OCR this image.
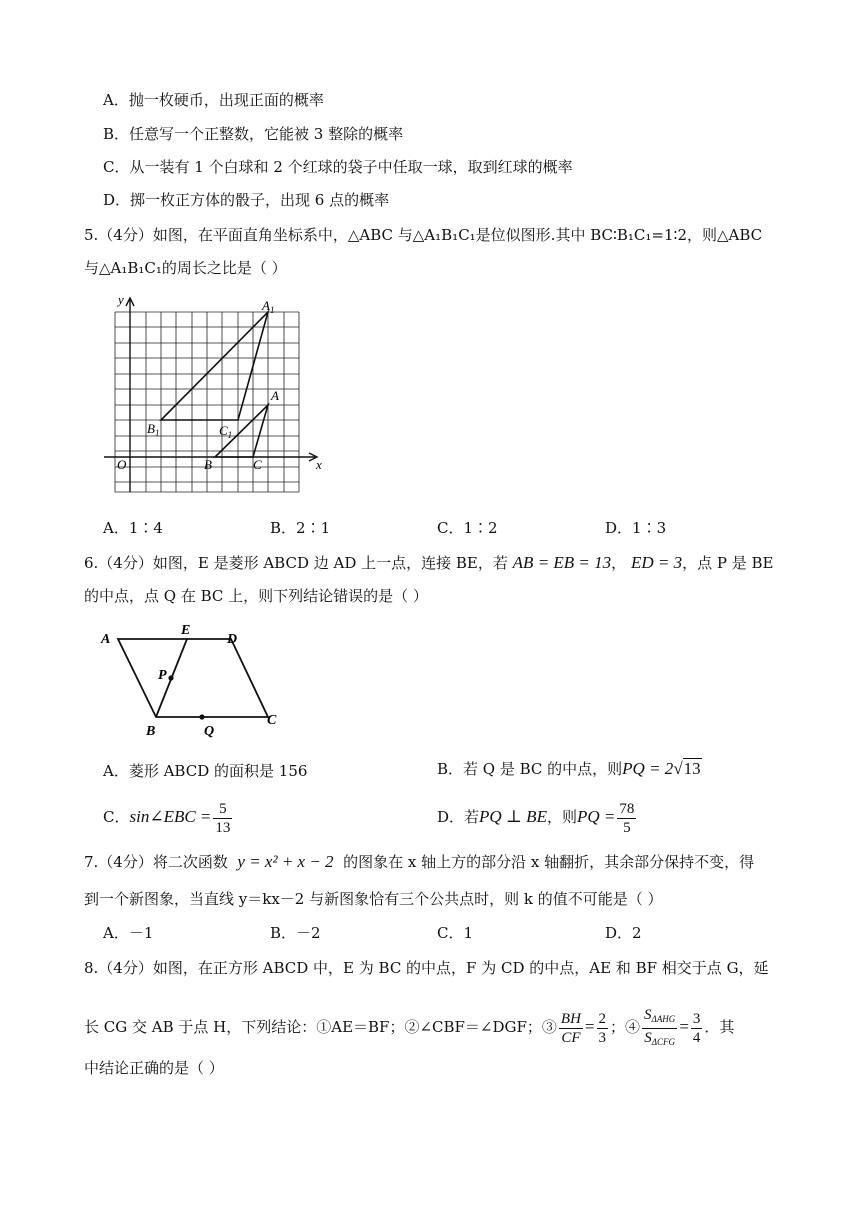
A．抛一枚硬币，出现正面的概率
B．任意写一个正整数，它能被 3 整除的概率
C．从一装有 1 个白球和 2 个红球的袋子中任取一球，取到红球的概率
D．掷一枚正方体的骰子，出现 6 点的概率
5.（4分）如图，在平面直角坐标系中，△ABC 与△A₁B₁C₁是位似图形.其中 BC∶B₁C₁=1∶2，则△ABC
与△A₁B₁C₁的周长之比是（ ）
y
x
O
$A_1$
A
$B_1$	$C_1$
B	C
A．1∶4	B．2∶1	C．1∶2	D．1∶3
6.（4分）如图，E 是菱形 ABCD 边 AD 上一点，连接 BE，若 AB = EB = 13， ED = 3，点 P 是 BE
的中点，点 Q 在 BC 上，则下列结论错误的是（ ）
A
E
D
P
B	Q
C
A．菱形 ABCD 的面积是 156	B．若 Q 是 BC 的中点，则PQ = 2√13
C．sin∠EBC = $\frac{5}{13}$	D．若PQ ⊥ BE，则PQ = $\frac{78}{5}$
7.（4分）将二次函数 y = x² + x − 2 的图象在 x 轴上方的部分沿 x 轴翻折，其余部分保持不变，得
到一个新图象，当直线 y＝kx－2 与新图象恰有三个公共点时，则 k 的值不可能是（ ）
A．－1	B．－2	C．1	D．2
8.（4分）如图，在正方形 ABCD 中，E 为 BC 的中点，F 为 CD 的中点，AE 和 BF 相交于点 G，延
长 CG 交 AB 于点 H，下列结论：①AE＝BF；②∠CBF＝∠DGF；③ $\frac{BH}{CF} = \frac{2}{3}$ ；④ $\frac{S_{\Delta AHG}}{S_{\Delta CFG}} = \frac{3}{4}$ ．其
中结论正确的是（ ）
